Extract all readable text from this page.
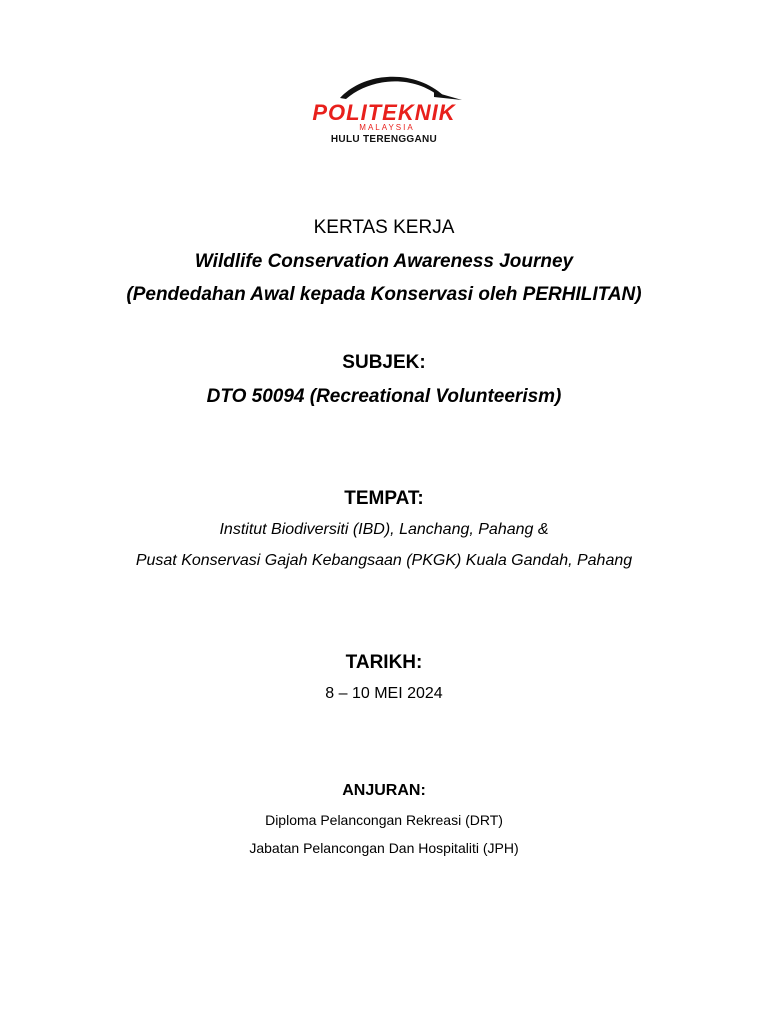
POLITEKNIK
MALAYSIA
HULU TERENGGANU
KERTAS KERJA
Wildlife Conservation Awareness Journey
(Pendedahan Awal kepada Konservasi oleh PERHILITAN)
SUBJEK:
DTO 50094 (Recreational Volunteerism)
TEMPAT:
Institut Biodiversiti (IBD), Lanchang, Pahang &
Pusat Konservasi Gajah Kebangsaan (PKGK) Kuala Gandah, Pahang
TARIKH:
8 – 10 MEI 2024
ANJURAN:
Diploma Pelancongan Rekreasi (DRT)
Jabatan Pelancongan Dan Hospitaliti (JPH)
